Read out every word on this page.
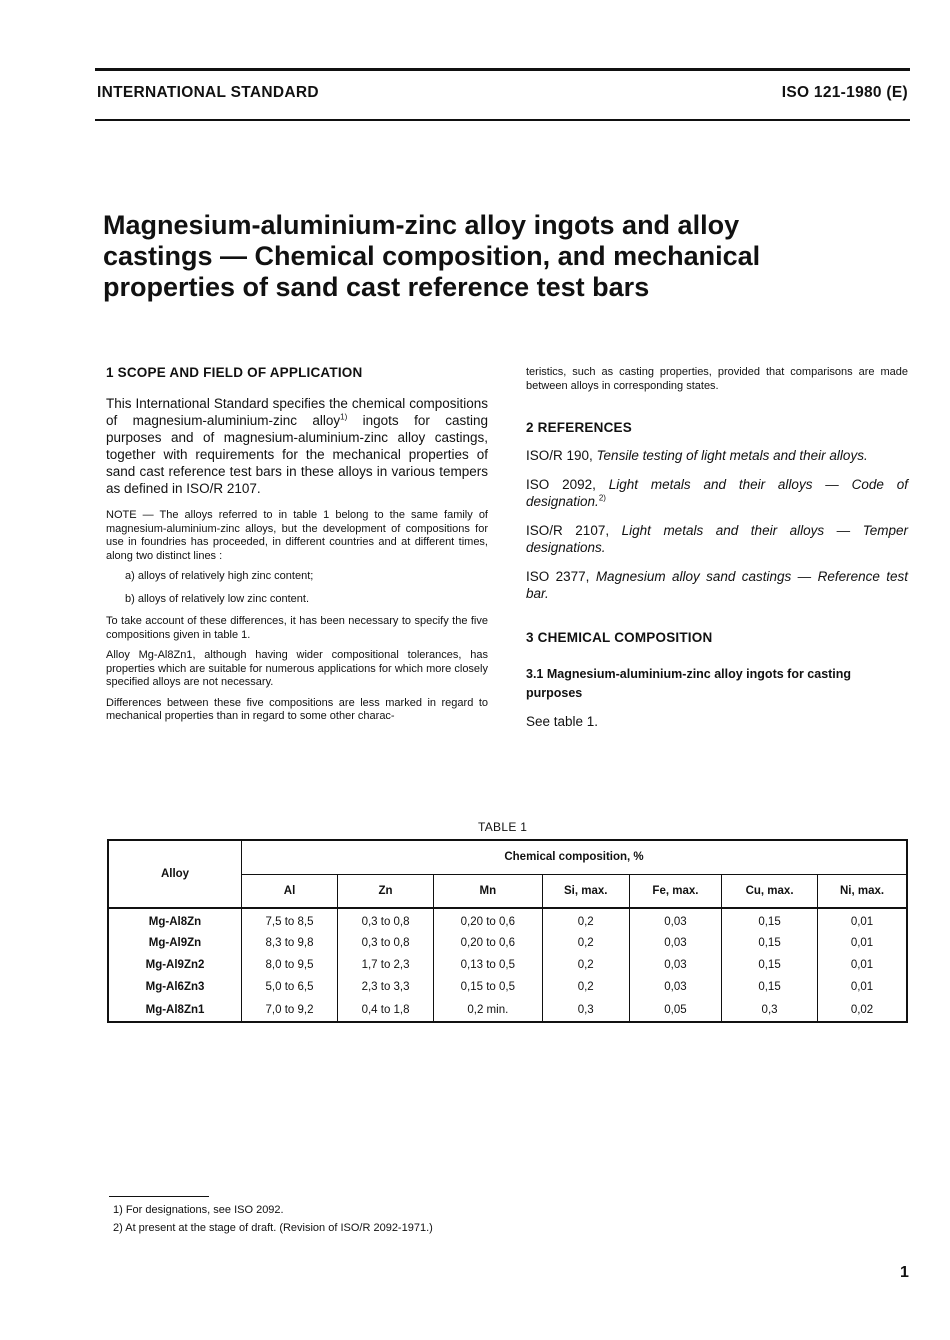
INTERNATIONAL STANDARD	ISO 121-1980 (E)
Magnesium-aluminium-zinc alloy ingots and alloy
castings — Chemical composition, and mechanical
properties of sand cast reference test bars

1 SCOPE AND FIELD OF APPLICATION

This International Standard specifies the chemical compositions of magnesium-aluminium-zinc alloy$^{1)}$ ingots for casting purposes and of magnesium-aluminium-zinc alloy castings, together with requirements for the mechanical properties of sand cast reference test bars in these alloys in various tempers as defined in ISO/R 2107.

NOTE — The alloys referred to in table 1 belong to the same family of magnesium-aluminium-zinc alloys, but the development of compositions for use in foundries has proceeded, in different countries and at different times, along two distinct lines :

a) alloys of relatively high zinc content;

b) alloys of relatively low zinc content.

To take account of these differences, it has been necessary to specify the five compositions given in table 1.

Alloy Mg-Al8Zn1, although having wider compositional tolerances, has properties which are suitable for numerous applications for which more closely specified alloys are not necessary.

Differences between these five compositions are less marked in regard to mechanical properties than in regard to some other charac-

teristics, such as casting properties, provided that comparisons are made between alloys in corresponding states.

2 REFERENCES

ISO/R 190, Tensile testing of light metals and their alloys.

ISO 2092, Light metals and their alloys — Code of designation.$^{2)}$

ISO/R 2107, Light metals and their alloys — Temper designations.

ISO 2377, Magnesium alloy sand castings — Reference test bar.

3 CHEMICAL COMPOSITION

3.1 Magnesium-aluminium-zinc alloy ingots for casting purposes

See table 1.

TABLE 1
Alloy	Chemical composition, %						
	Al	Zn	Mn	Si, max.	Fe, max.	Cu, max.	Ni, max.
Mg-Al8Zn	7,5 to 8,5	0,3 to 0,8	0,20 to 0,6	0,2	0,03	0,15	0,01
Mg-Al9Zn	8,3 to 9,8	0,3 to 0,8	0,20 to 0,6	0,2	0,03	0,15	0,01
Mg-Al9Zn2	8,0 to 9,5	1,7 to 2,3	0,13 to 0,5	0,2	0,03	0,15	0,01
Mg-Al6Zn3	5,0 to 6,5	2,3 to 3,3	0,15 to 0,5	0,2	0,03	0,15	0,01
Mg-Al8Zn1	7,0 to 9,2	0,4 to 1,8	0,2 min.	0,3	0,05	0,3	0,02
1) For designations, see ISO 2092.
2) At present at the stage of draft. (Revision of ISO/R 2092-1971.)
1
